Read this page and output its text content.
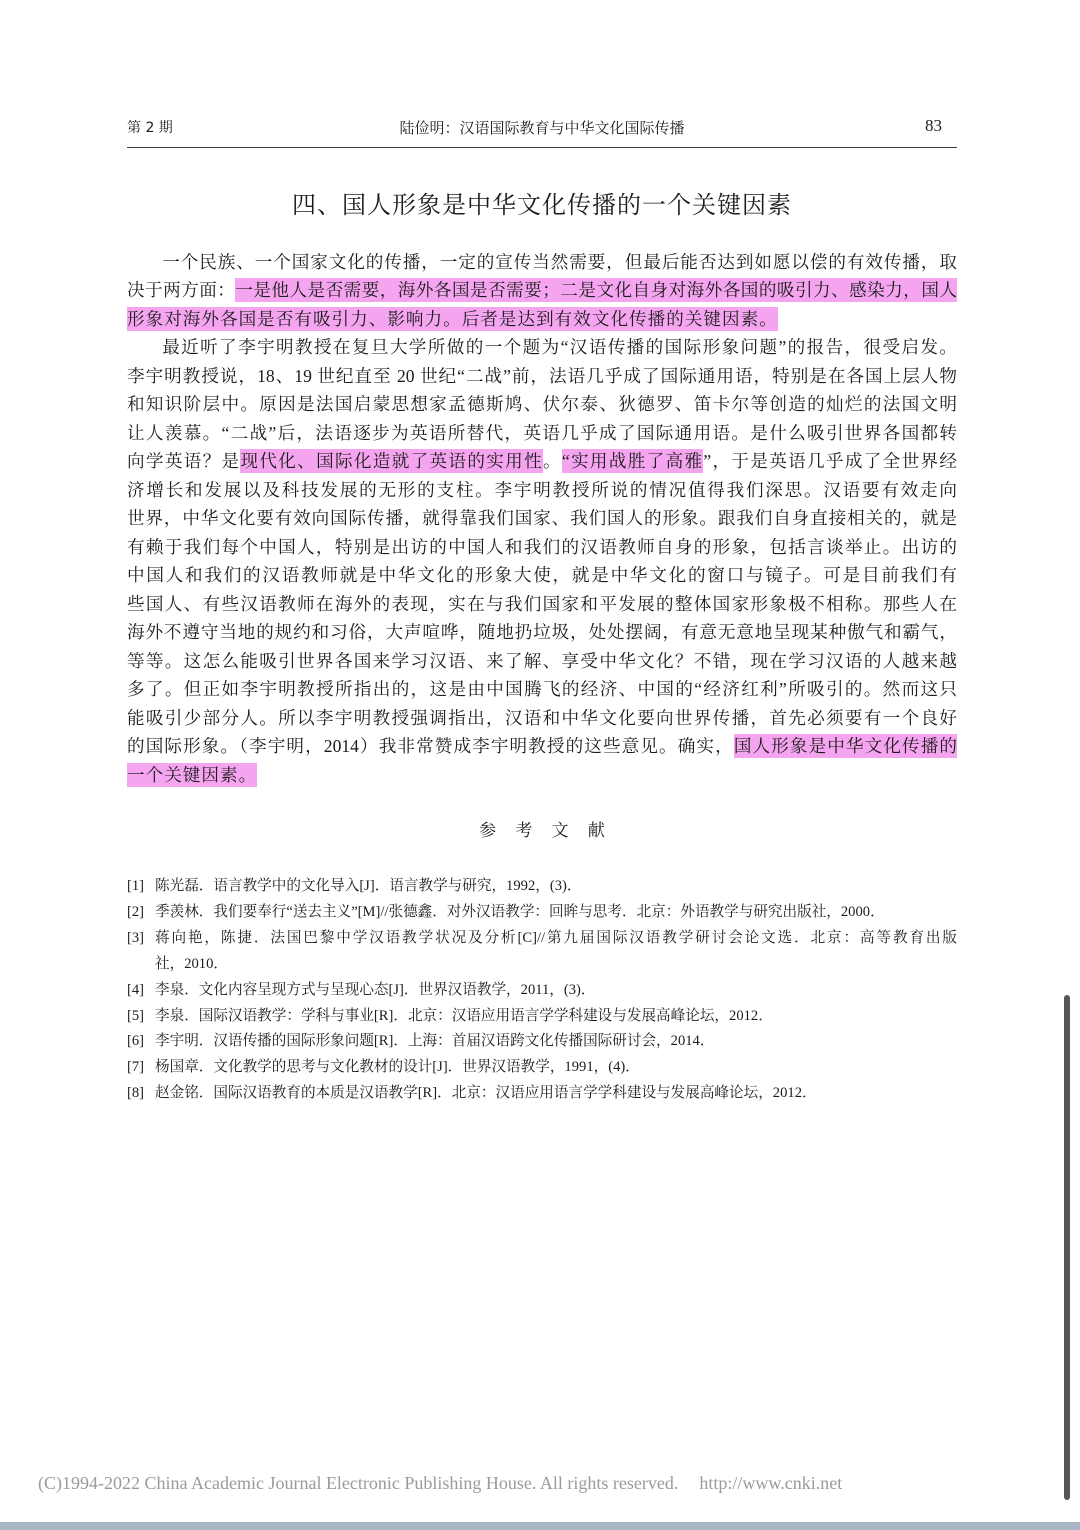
第 2 期	陆俭明：汉语国际教育与中华文化国际传播	83
四、国人形象是中华文化传播的一个关键因素
一个民族、一个国家文化的传播，一定的宣传当然需要，但最后能否达到如愿以偿的有效传播，取
决于两方面：一是他人是否需要，海外各国是否需要；二是文化自身对海外各国的吸引力、感染力，国人
形象对海外各国是否有吸引力、影响力。后者是达到有效文化传播的关键因素。
最近听了李宇明教授在复旦大学所做的一个题为“汉语传播的国际形象问题”的报告，很受启发。
李宇明教授说，18、19 世纪直至 20 世纪“二战”前，法语几乎成了国际通用语，特别是在各国上层人物
和知识阶层中。原因是法国启蒙思想家孟德斯鸠、伏尔泰、狄德罗、笛卡尔等创造的灿烂的法国文明
让人羡慕。“二战”后，法语逐步为英语所替代，英语几乎成了国际通用语。是什么吸引世界各国都转
向学英语？是现代化、国际化造就了英语的实用性。“实用战胜了高雅”，于是英语几乎成了全世界经
济增长和发展以及科技发展的无形的支柱。李宇明教授所说的情况值得我们深思。汉语要有效走向
世界，中华文化要有效向国际传播，就得靠我们国家、我们国人的形象。跟我们自身直接相关的，就是
有赖于我们每个中国人，特别是出访的中国人和我们的汉语教师自身的形象，包括言谈举止。出访的
中国人和我们的汉语教师就是中华文化的形象大使，就是中华文化的窗口与镜子。可是目前我们有
些国人、有些汉语教师在海外的表现，实在与我们国家和平发展的整体国家形象极不相称。那些人在
海外不遵守当地的规约和习俗，大声喧哗，随地扔垃圾，处处摆阔，有意无意地呈现某种傲气和霸气，
等等。这怎么能吸引世界各国来学习汉语、来了解、享受中华文化？不错，现在学习汉语的人越来越
多了。但正如李宇明教授所指出的，这是由中国腾飞的经济、中国的“经济红利”所吸引的。然而这只
能吸引少部分人。所以李宇明教授强调指出，汉语和中华文化要向世界传播，首先必须要有一个良好
的国际形象。（李宇明，2014）我非常赞成李宇明教授的这些意见。确实，国人形象是中华文化传播的
一个关键因素。
参 考 文 献
[1] 陈光磊．语言教学中的文化导入[J]．语言教学与研究，1992，(3)．
[2] 季羡林．我们要奉行“送去主义”[M]//张德鑫．对外汉语教学：回眸与思考．北京：外语教学与研究出版社，2000．
[3] 蒋向艳，陈捷．法国巴黎中学汉语教学状况及分析[C]//第九届国际汉语教学研讨会论文选．北京：高等教育出版
社，2010．
[4] 李泉．文化内容呈现方式与呈现心态[J]．世界汉语教学，2011，(3)．
[5] 李泉．国际汉语教学：学科与事业[R]．北京：汉语应用语言学学科建设与发展高峰论坛，2012．
[6] 李宇明．汉语传播的国际形象问题[R]．上海：首届汉语跨文化传播国际研讨会，2014．
[7] 杨国章．文化教学的思考与文化教材的设计[J]．世界汉语教学，1991，(4)．
[8] 赵金铭．国际汉语教育的本质是汉语教学[R]．北京：汉语应用语言学学科建设与发展高峰论坛，2012．
(C)1994-2022 China Academic Journal Electronic Publishing House. All rights reserved. http://www.cnki.net
